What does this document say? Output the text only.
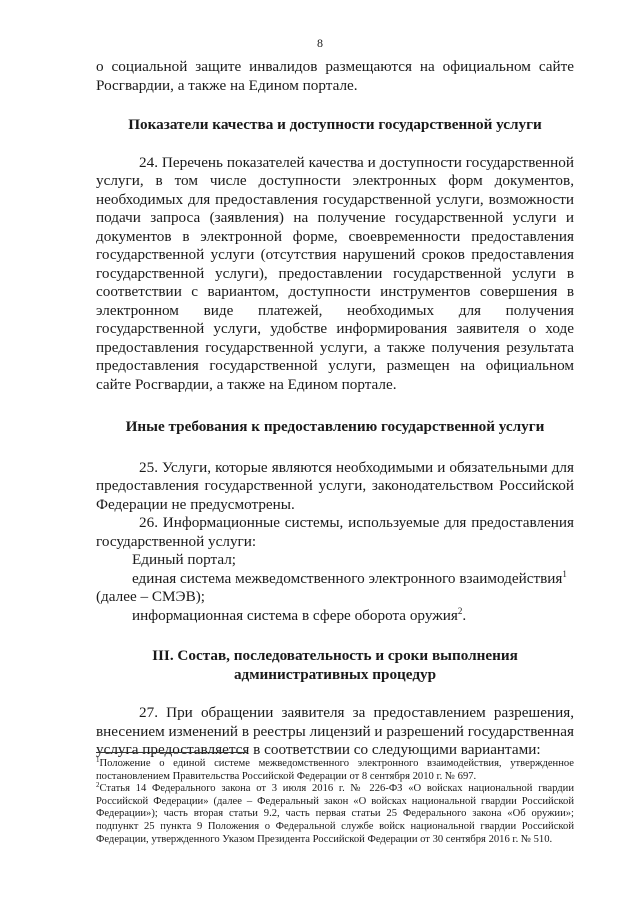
8

о социальной защите инвалидов размещаются на официальном сайте Росгвардии, а также на Едином портале.

Показатели качества и доступности государственной услуги

24. Перечень показателей качества и доступности государственной услуги, в том числе доступности электронных форм документов, необходимых для предоставления государственной услуги, возможности подачи запроса (заявления) на получение государственной услуги и документов в электронной форме, своевременности предоставления государственной услуги (отсутствия нарушений сроков предоставления государственной услуги), предоставлении государственной услуги в соответствии с вариантом, доступности инструментов совершения в электронном виде платежей, необходимых для получения государственной услуги, удобстве информирования заявителя о ходе предоставления государственной услуги, а также получения результата предоставления государственной услуги, размещен на официальном сайте Росгвардии, а также на Едином портале.

Иные требования к предоставлению государственной услуги

25. Услуги, которые являются необходимыми и обязательными для предоставления государственной услуги, законодательством Российской Федерации не предусмотрены.

26. Информационные системы, используемые для предоставления государственной услуги:

Единый портал;

единая система межведомственного электронного взаимодействия$^1$

(далее – СМЭВ);

информационная система в сфере оборота оружия$^2$.

III. Состав, последовательность и сроки выполнения
административных процедур

27. При обращении заявителя за предоставлением разрешения, внесением изменений в реестры лицензий и разрешений государственная услуга предоставляется в соответствии со следующими вариантами:

$^1$Положение о единой системе межведомственного электронного взаимодействия, утвержденное постановлением Правительства Российской Федерации от 8 сентября 2010 г. № 697.

$^2$Статья 14 Федерального закона от 3 июля 2016 г. № 226-ФЗ «О войсках национальной гвардии Российской Федерации» (далее – Федеральный закон «О войсках национальной гвардии Российской Федерации»); часть вторая статьи 9.2, часть первая статьи 25 Федерального закона «Об оружии»; подпункт 25 пункта 9 Положения о Федеральной службе войск национальной гвардии Российской Федерации, утвержденного Указом Президента Российской Федерации от 30 сентября 2016 г. № 510.
